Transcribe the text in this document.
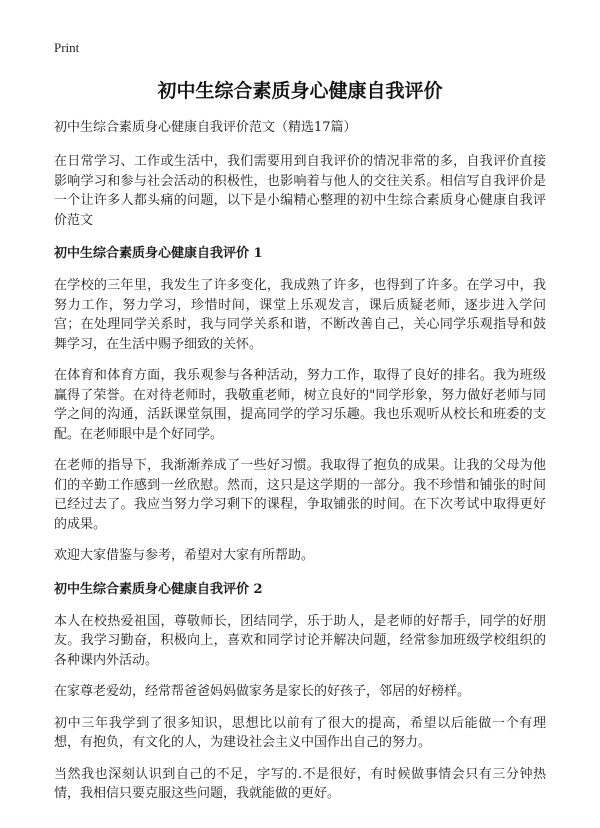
Print
初中生综合素质身心健康自我评价
初中生综合素质身心健康自我评价范文（精选17篇）

在日常学习、工作或生活中，我们需要用到自我评价的情况非常的多，自我评价直接影响学习和参与社会活动的积极性，也影响着与他人的交往关系。相信写自我评价是一个让许多人都头痛的问题，以下是小编精心整理的初中生综合素质身心健康自我评价范文

初中生综合素质身心健康自我评价 1

在学校的三年里，我发生了许多变化，我成熟了许多，也得到了许多。在学习中，我努力工作，努力学习，珍惜时间，课堂上乐观发言，课后质疑老师，逐步进入学问宫；在处理同学关系时，我与同学关系和谐，不断改善自己，关心同学乐观指导和鼓舞学习，在生活中赐予细致的关怀。

在体育和体育方面，我乐观参与各种活动，努力工作，取得了良好的排名。我为班级赢得了荣誉。在对待老师时，我敬重老师，树立良好的"同学形象，努力做好老师与同学之间的沟通，活跃课堂氛围，提高同学的学习乐趣。我也乐观听从校长和班委的支配。在老师眼中是个好同学。

在老师的指导下，我渐渐养成了一些好习惯。我取得了抱负的成果。让我的父母为他们的辛勤工作感到一丝欣慰。然而，这只是这学期的一部分。我不珍惜和铺张的时间已经过去了。我应当努力学习剩下的课程，争取铺张的时间。在下次考试中取得更好的成果。

欢迎大家借鉴与参考，希望对大家有所帮助。

初中生综合素质身心健康自我评价 2

本人在校热爱祖国，尊敬师长，团结同学，乐于助人，是老师的好帮手，同学的好朋友。我学习勤奋，积极向上，喜欢和同学讨论并解决问题，经常参加班级学校组织的各种课内外活动。

在家尊老爱幼，经常帮爸爸妈妈做家务是家长的好孩子，邻居的好榜样。

初中三年我学到了很多知识，思想比以前有了很大的提高，希望以后能做一个有理想，有抱负，有文化的人，为建设社会主义中国作出自己的努力。

当然我也深刻认识到自己的不足，字写的.不是很好，有时候做事情会只有三分钟热情，我相信只要克服这些问题，我就能做的更好。
